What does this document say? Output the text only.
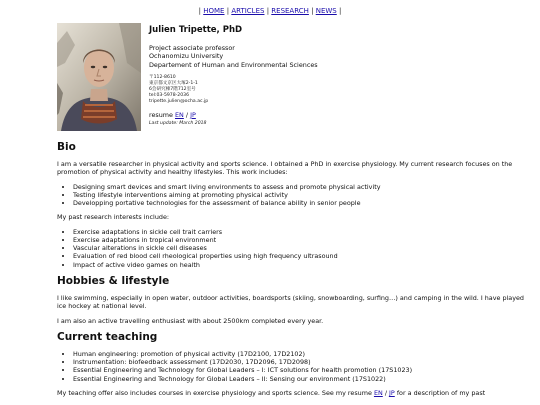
| HOME | ARTICLES | RESEARCH | NEWS |
Julien Tripette, PhD
Project associate professor
Ochanomizu University
Departement of Human and Environmental Sciences
〒112-8610
東京都文京区大塚2-1-1
6会研究棟7階712室号
tel:03-5978-2036
tripette.julien@ocha.ac.jp
resume EN / JP
Last update: March 2018
Bio

I am a versatile researcher in physical activity and sports science. I obtained a PhD in exercise physiology. My current research focuses on the promotion of physical activity and healthy lifestyles. This work includes:

• Designing smart devices and smart living environments to assess and promote physical activity
• Testing lifestyle interventions aiming at promoting physical activity
• Developping portative technologies for the assessment of balance ability in senior people

My past research interests include:

• Exercise adaptations in sickle cell trait carriers
• Exercise adaptations in tropical environment
• Vascular alterations in sickle cell diseases
• Evaluation of red blood cell rheological properties using high frequency ultrasound
• Impact of active video games on health
Hobbies & lifestyle

I like swimming, especially in open water, outdoor activities, boardsports (skiing, snowboarding, surfing…) and camping in the wild. I have played ice hockey at national level.

I am also an active travelling enthusiast with about 2500km completed every year.

Current teaching
• Human engineering: promotion of physical activity (17D2100, 17D2102)
• Instrumentation: biofeedback assessment (17D2030, 17D2096, 17D2098)
• Essential Engineering and Technology for Global Leaders – I: ICT solutions for health promotion (17S1023)
• Essential Engineering and Technology for Global Leaders – II: Sensing our environment (17S1022)

My teaching offer also includes courses in exercise physiology and sports science. See my resume EN / JP for a description of my past
